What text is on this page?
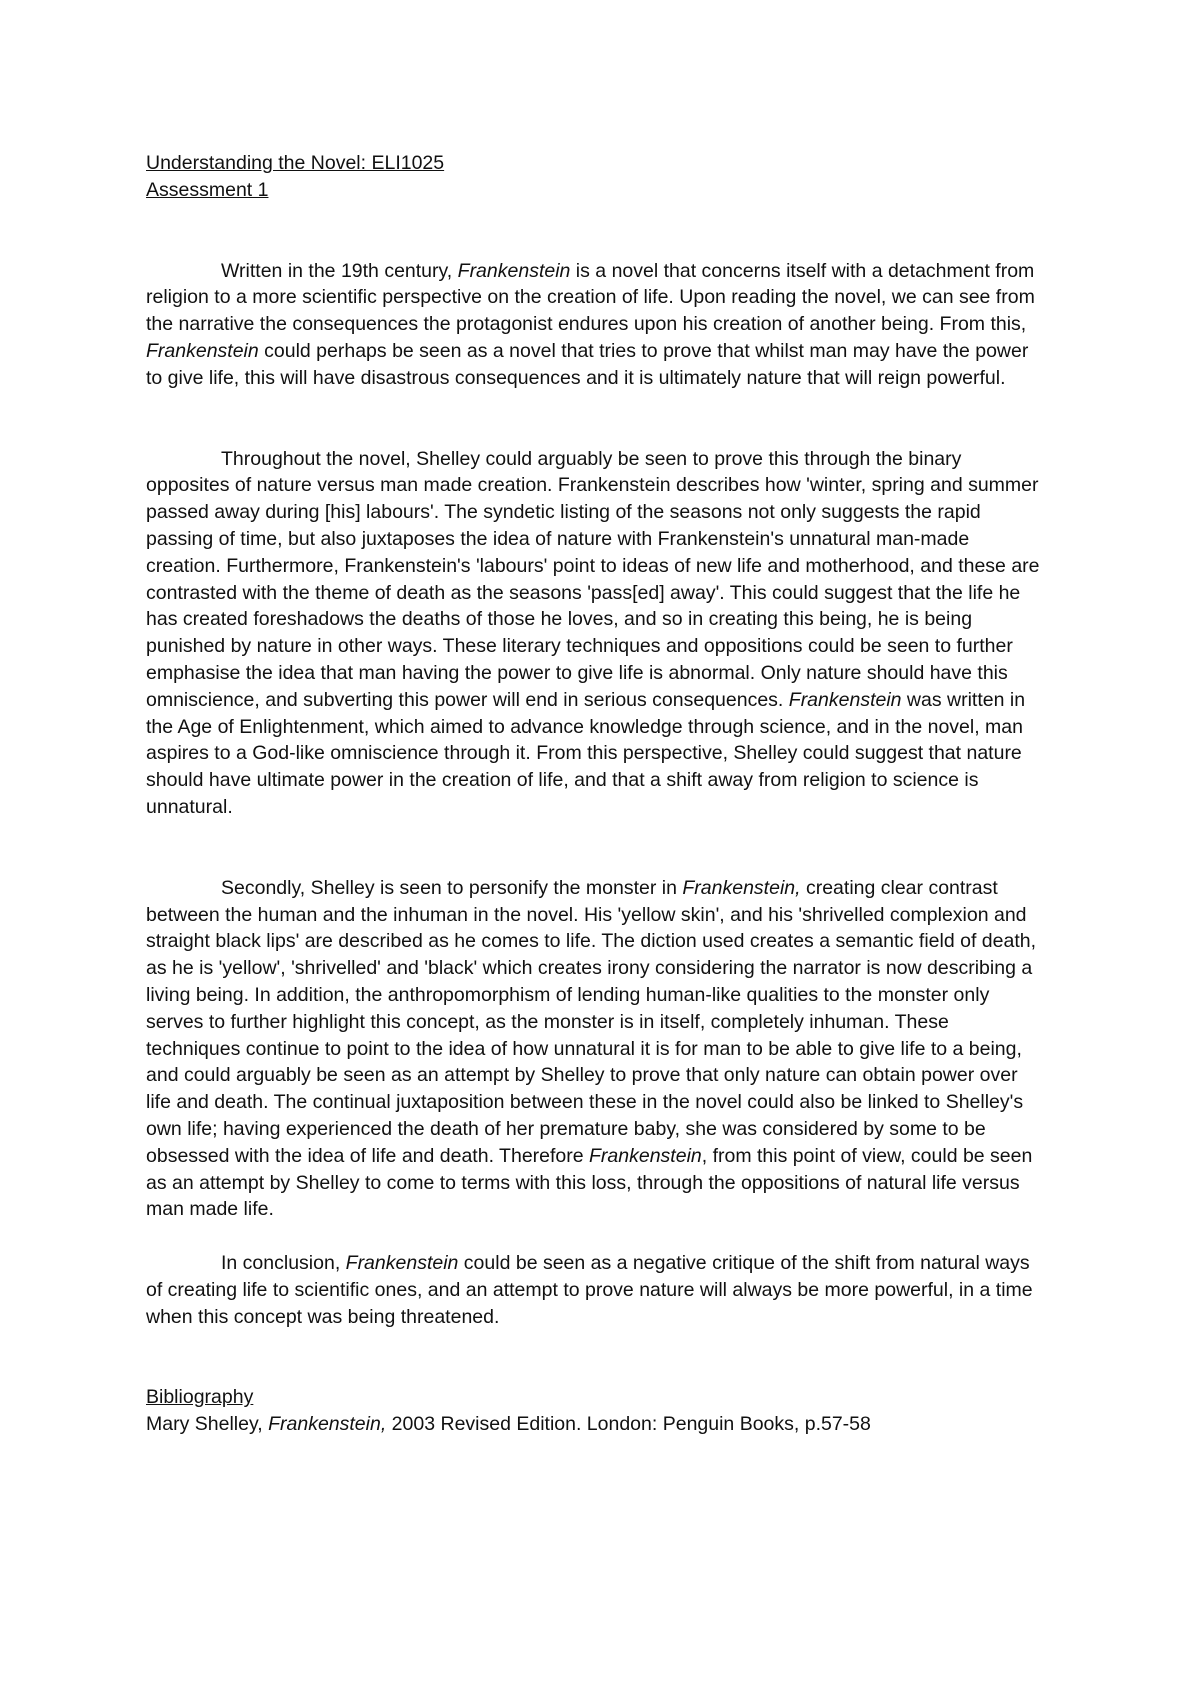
Understanding the Novel: ELI1025
Assessment 1

Written in the 19th century, Frankenstein is a novel that concerns itself with a detachment from religion to a more scientific perspective on the creation of life. Upon reading the novel, we can see from the narrative the consequences the protagonist endures upon his creation of another being. From this, Frankenstein could perhaps be seen as a novel that tries to prove that whilst man may have the power to give life, this will have disastrous consequences and it is ultimately nature that will reign powerful.

Throughout the novel, Shelley could arguably be seen to prove this through the binary opposites of nature versus man made creation. Frankenstein describes how 'winter, spring and summer passed away during [his] labours'. The syndetic listing of the seasons not only suggests the rapid passing of time, but also juxtaposes the idea of nature with Frankenstein's unnatural man-made creation. Furthermore, Frankenstein's 'labours' point to ideas of new life and motherhood, and these are contrasted with the theme of death as the seasons 'pass[ed] away'. This could suggest that the life he has created foreshadows the deaths of those he loves, and so in creating this being, he is being punished by nature in other ways. These literary techniques and oppositions could be seen to further emphasise the idea that man having the power to give life is abnormal. Only nature should have this omniscience, and subverting this power will end in serious consequences. Frankenstein was written in the Age of Enlightenment, which aimed to advance knowledge through science, and in the novel, man aspires to a God-like omniscience through it. From this perspective, Shelley could suggest that nature should have ultimate power in the creation of life, and that a shift away from religion to science is unnatural.

Secondly, Shelley is seen to personify the monster in Frankenstein, creating clear contrast between the human and the inhuman in the novel. His 'yellow skin', and his 'shrivelled complexion and straight black lips' are described as he comes to life. The diction used creates a semantic field of death, as he is 'yellow', 'shrivelled' and 'black' which creates irony considering the narrator is now describing a living being. In addition, the anthropomorphism of lending human-like qualities to the monster only serves to further highlight this concept, as the monster is in itself, completely inhuman. These techniques continue to point to the idea of how unnatural it is for man to be able to give life to a being, and could arguably be seen as an attempt by Shelley to prove that only nature can obtain power over life and death. The continual juxtaposition between these in the novel could also be linked to Shelley's own life; having experienced the death of her premature baby, she was considered by some to be obsessed with the idea of life and death. Therefore Frankenstein, from this point of view, could be seen as an attempt by Shelley to come to terms with this loss, through the oppositions of natural life versus man made life.

In conclusion, Frankenstein could be seen as a negative critique of the shift from natural ways of creating life to scientific ones, and an attempt to prove nature will always be more powerful, in a time when this concept was being threatened.

Bibliography
Mary Shelley, Frankenstein, 2003 Revised Edition. London: Penguin Books, p.57-58
